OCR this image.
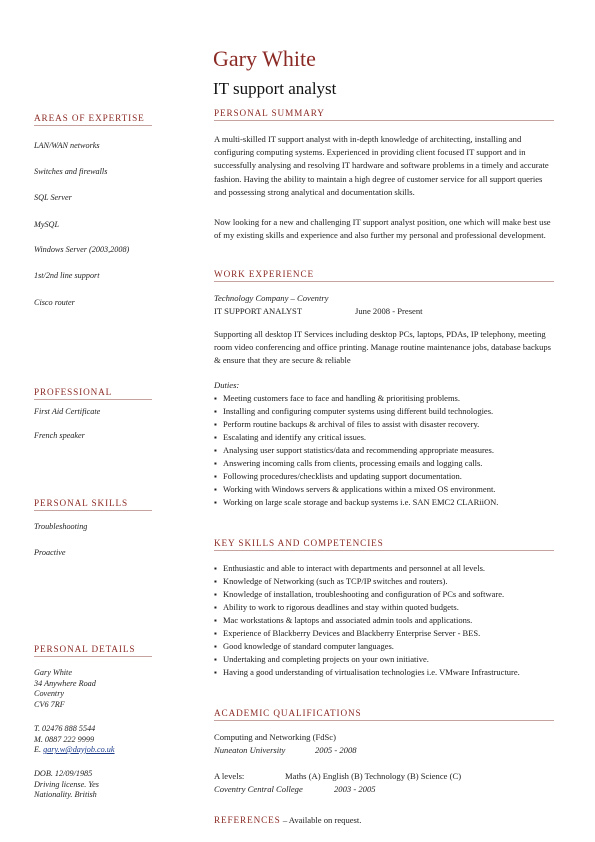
Gary White
IT support analyst
AREAS OF EXPERTISE
LAN/WAN networks
Switches and firewalls
SQL Server
MySQL
Windows Server (2003,2008)
1st/2nd line support
Cisco router
PROFESSIONAL
First Aid Certificate
French speaker
PERSONAL SKILLS
Troubleshooting
Proactive
PERSONAL DETAILS
Gary White
34 Anywhere Road
Coventry
CV6 7RF
T. 02476 888 5544
M. 0887 222 9999
E. gary.w@dayjob.co.uk
DOB. 12/09/1985
Driving license. Yes
Nationality. British
PERSONAL SUMMARY
A multi-skilled IT support analyst with in-depth knowledge of architecting, installing and configuring computing systems. Experienced in providing client focused IT support and in successfully analysing and resolving IT hardware and software problems in a timely and accurate fashion. Having the ability to maintain a high degree of customer service for all support queries and possessing strong analytical and documentation skills.
Now looking for a new and challenging IT support analyst position, one which will make best use of my existing skills and experience and also further my personal and professional development.
WORK EXPERIENCE
Technology Company – Coventry
IT SUPPORT ANALYST	June 2008 - Present
Supporting all desktop IT Services including desktop PCs, laptops, PDAs, IP telephony, meeting room video conferencing and office printing. Manage routine maintenance jobs, database backups & ensure that they are secure & reliable
Duties:
▪ Meeting customers face to face and handling & prioritising problems.
▪ Installing and configuring computer systems using different build technologies.
▪ Perform routine backups & archival of files to assist with disaster recovery.
▪ Escalating and identify any critical issues.
▪ Analysing user support statistics/data and recommending appropriate measures.
▪ Answering incoming calls from clients, processing emails and logging calls.
▪ Following procedures/checklists and updating support documentation.
▪ Working with Windows servers & applications within a mixed OS environment.
▪ Working on large scale storage and backup systems i.e. SAN EMC2 CLARiiON.
KEY SKILLS AND COMPETENCIES
▪ Enthusiastic and able to interact with departments and personnel at all levels.
▪ Knowledge of Networking (such as TCP/IP switches and routers).
▪ Knowledge of installation, troubleshooting and configuration of PCs and software.
▪ Ability to work to rigorous deadlines and stay within quoted budgets.
▪ Mac workstations & laptops and associated admin tools and applications.
▪ Experience of Blackberry Devices and Blackberry Enterprise Server - BES.
▪ Good knowledge of standard computer languages.
▪ Undertaking and completing projects on your own initiative.
▪ Having a good understanding of virtualisation technologies i.e. VMware Infrastructure.
ACADEMIC QUALIFICATIONS
Computing and Networking (FdSc)
Nuneaton University	2005 - 2008
A levels:	Maths (A) English (B) Technology (B) Science (C)
Coventry Central College	2003 - 2005
REFERENCES – Available on request.
